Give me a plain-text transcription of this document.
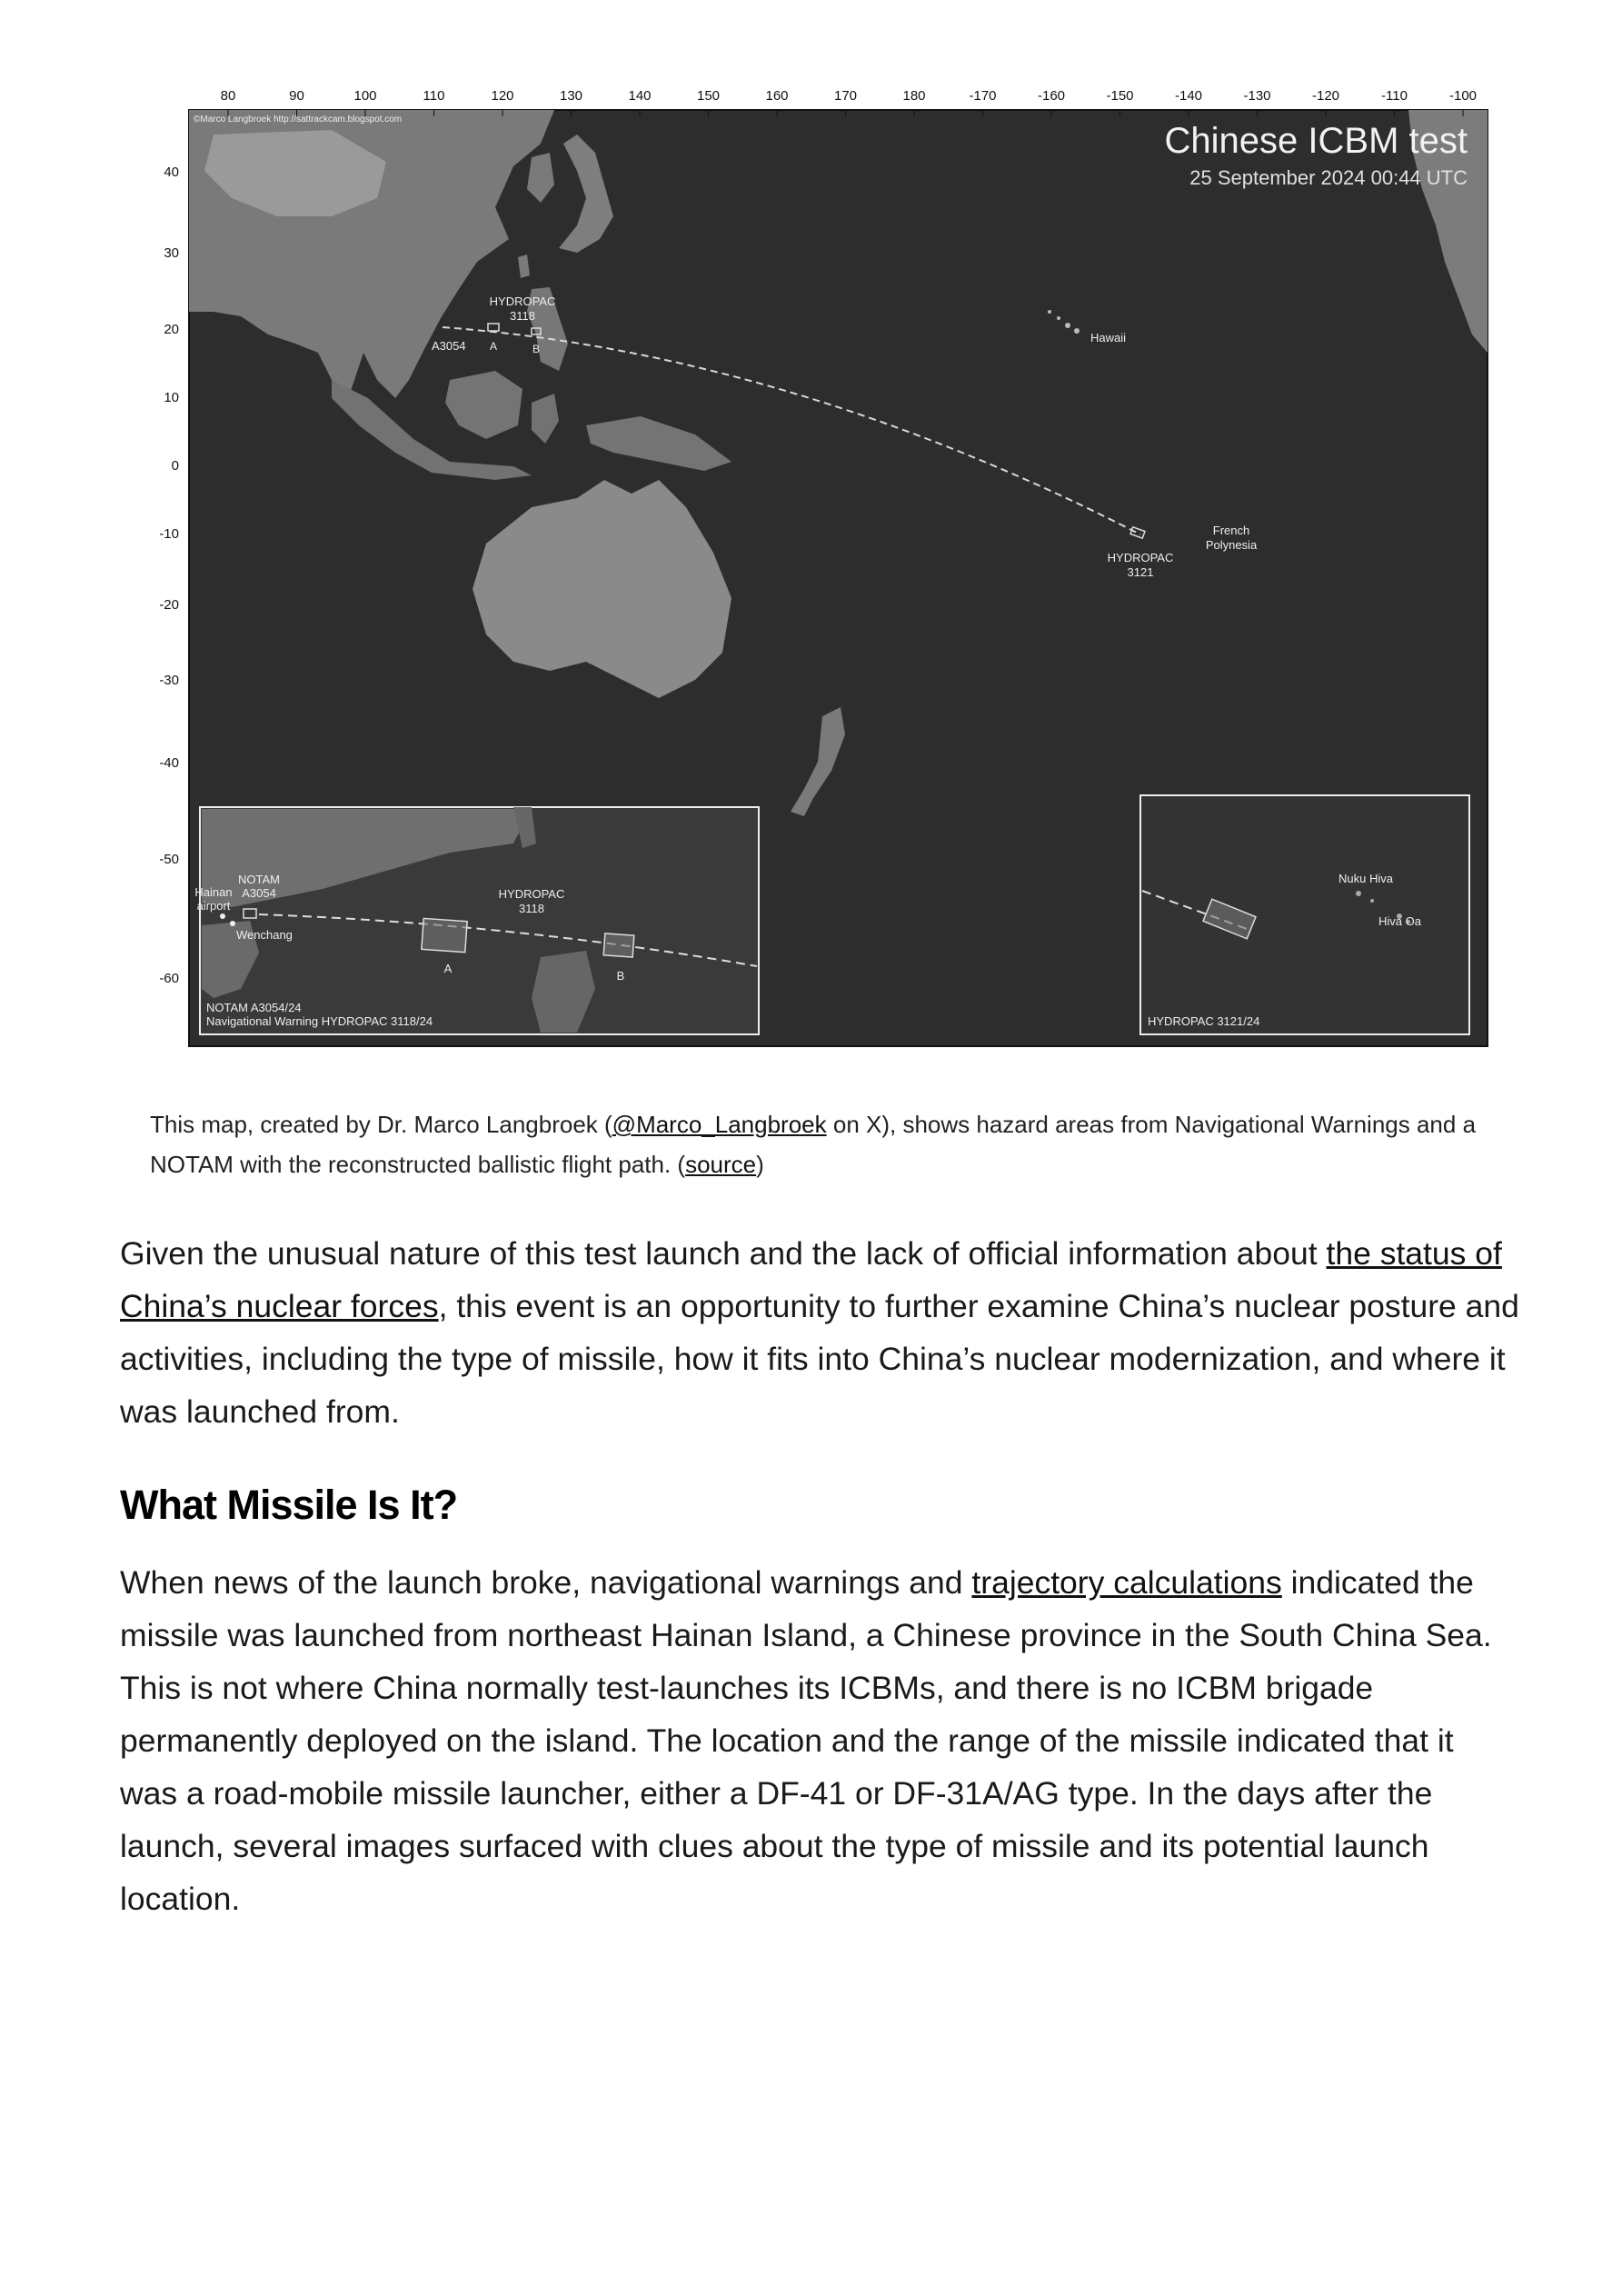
80	90	100	110	120	130	140	150	160	170	180	-170	-160	-150	-140	-130	-120	-110	-100
40
30
20
10
0
-10
-20
-30
-40
-50
-60
Chinese ICBM test
25 September 2024 00:44 UTC
©Marco Langbroek http://sattrackcam.blogspot.com
HYDROPAC
3118
A3054 A	B
Hawaii
French
Polynesia
HYDROPAC
3121
Hainan
airport
NOTAM
A3054
Wenchang
HYDROPAC
3118
A
B
NOTAM A3054/24
Navigational Warning HYDROPAC 3118/24
Nuku Hiva
Hiva Oa
HYDROPAC 3121/24
This map, created by Dr. Marco Langbroek (@Marco_Langbroek on X), shows hazard areas from Navigational Warnings and a NOTAM with the reconstructed ballistic flight path. (source)

Given the unusual nature of this test launch and the lack of official information about the status of China’s nuclear forces, this event is an opportunity to further examine China’s nuclear posture and activities, including the type of missile, how it fits into China’s nuclear modernization, and where it was launched from.

What Missile Is It?

When news of the launch broke, navigational warnings and trajectory calculations indicated the missile was launched from northeast Hainan Island, a Chinese province in the South China Sea. This is not where China normally test-launches its ICBMs, and there is no ICBM brigade permanently deployed on the island. The location and the range of the missile indicated that it was a road-mobile missile launcher, either a DF-41 or DF-31A/AG type. In the days after the launch, several images surfaced with clues about the type of missile and its potential launch location.
